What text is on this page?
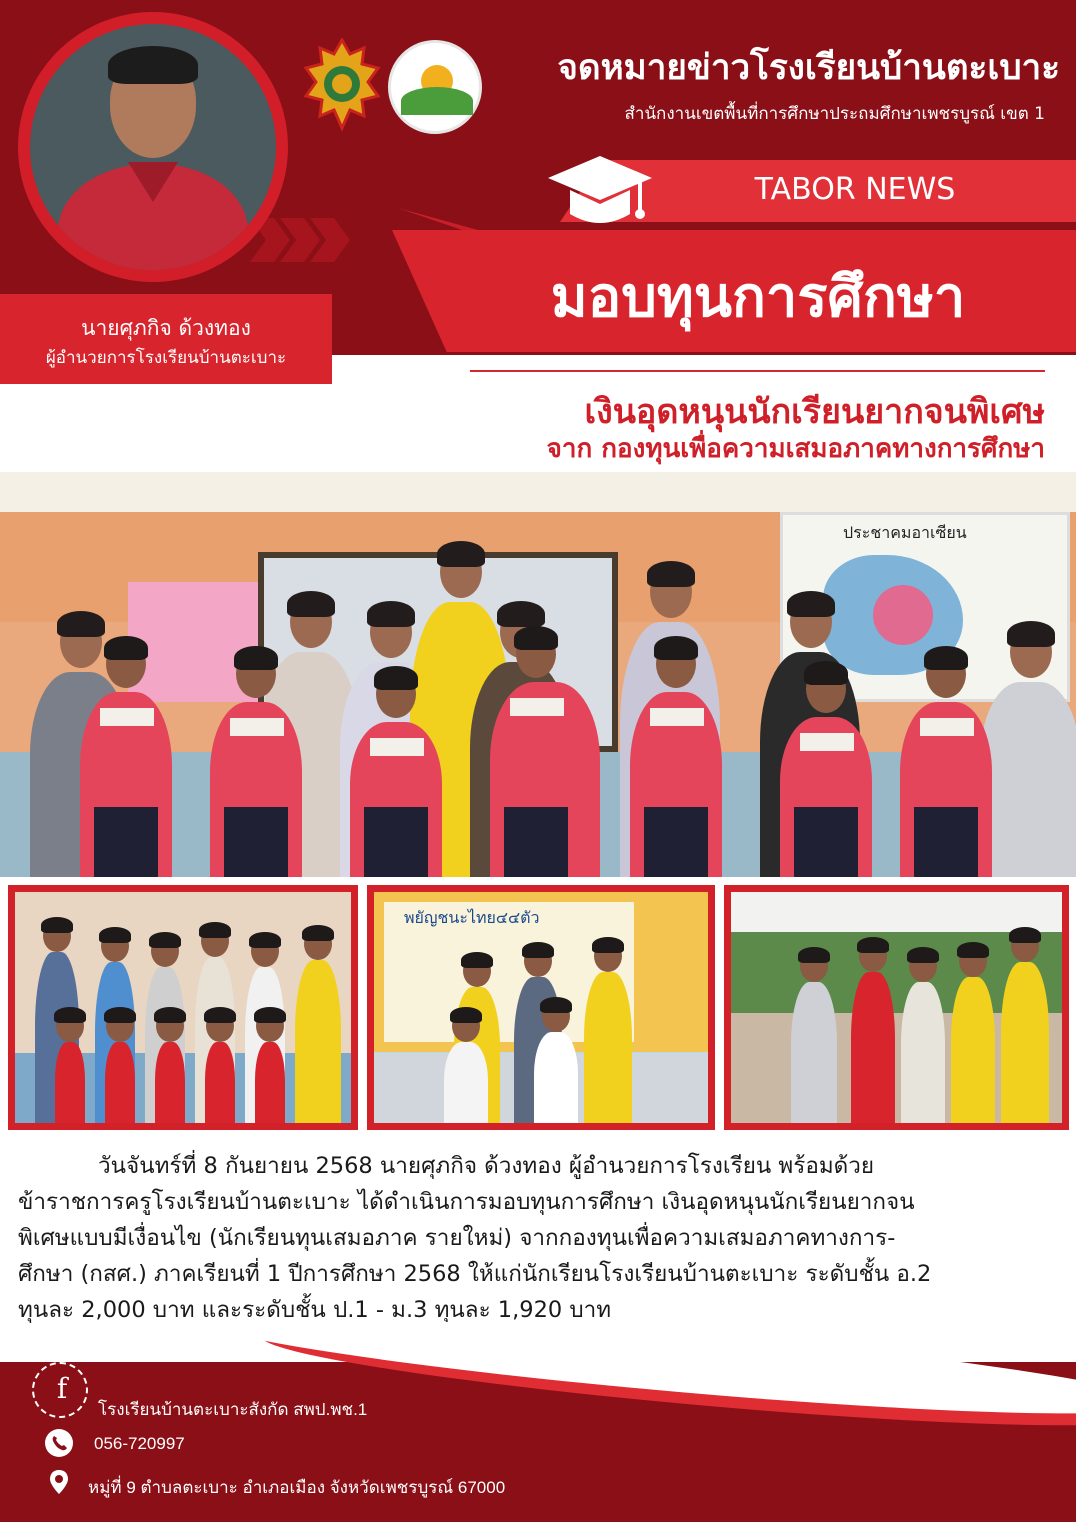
จดหมายข่าวโรงเรียนบ้านตะเบาะ
สำนักงานเขตพื้นที่การศึกษาประถมศึกษาเพชรบูรณ์ เขต 1
TABOR NEWS
มอบทุนการศึกษา
นายศุภกิจ ด้วงทอง
ผู้อำนวยการโรงเรียนบ้านตะเบาะ
เงินอุดหนุนนักเรียนยากจนพิเศษ
จาก กองทุนเพื่อความเสมอภาคทางการศึกษา
ประชาคมอาเซียน
พยัญชนะไทย๔๔ตัว
วันจันทร์ที่ 8 กันยายน 2568 นายศุภกิจ ด้วงทอง ผู้อำนวยการโรงเรียน พร้อมด้วย
ข้าราชการครูโรงเรียนบ้านตะเบาะ ได้ดำเนินการมอบทุนการศึกษา เงินอุดหนุนนักเรียนยากจน
พิเศษแบบมีเงื่อนไข (นักเรียนทุนเสมอภาค รายใหม่) จากกองทุนเพื่อความเสมอภาคทางการ-
ศึกษา (กสศ.) ภาคเรียนที่ 1 ปีการศึกษา 2568 ให้แก่นักเรียนโรงเรียนบ้านตะเบาะ ระดับชั้น อ.2
ทุนละ 2,000 บาท และระดับชั้น ป.1 - ม.3 ทุนละ 1,920 บาท
f
โรงเรียนบ้านตะเบาะสังกัด สพป.พช.1
056-720997
หมู่ที่ 9 ตำบลตะเบาะ อำเภอเมือง จังหวัดเพชรบูรณ์ 67000
